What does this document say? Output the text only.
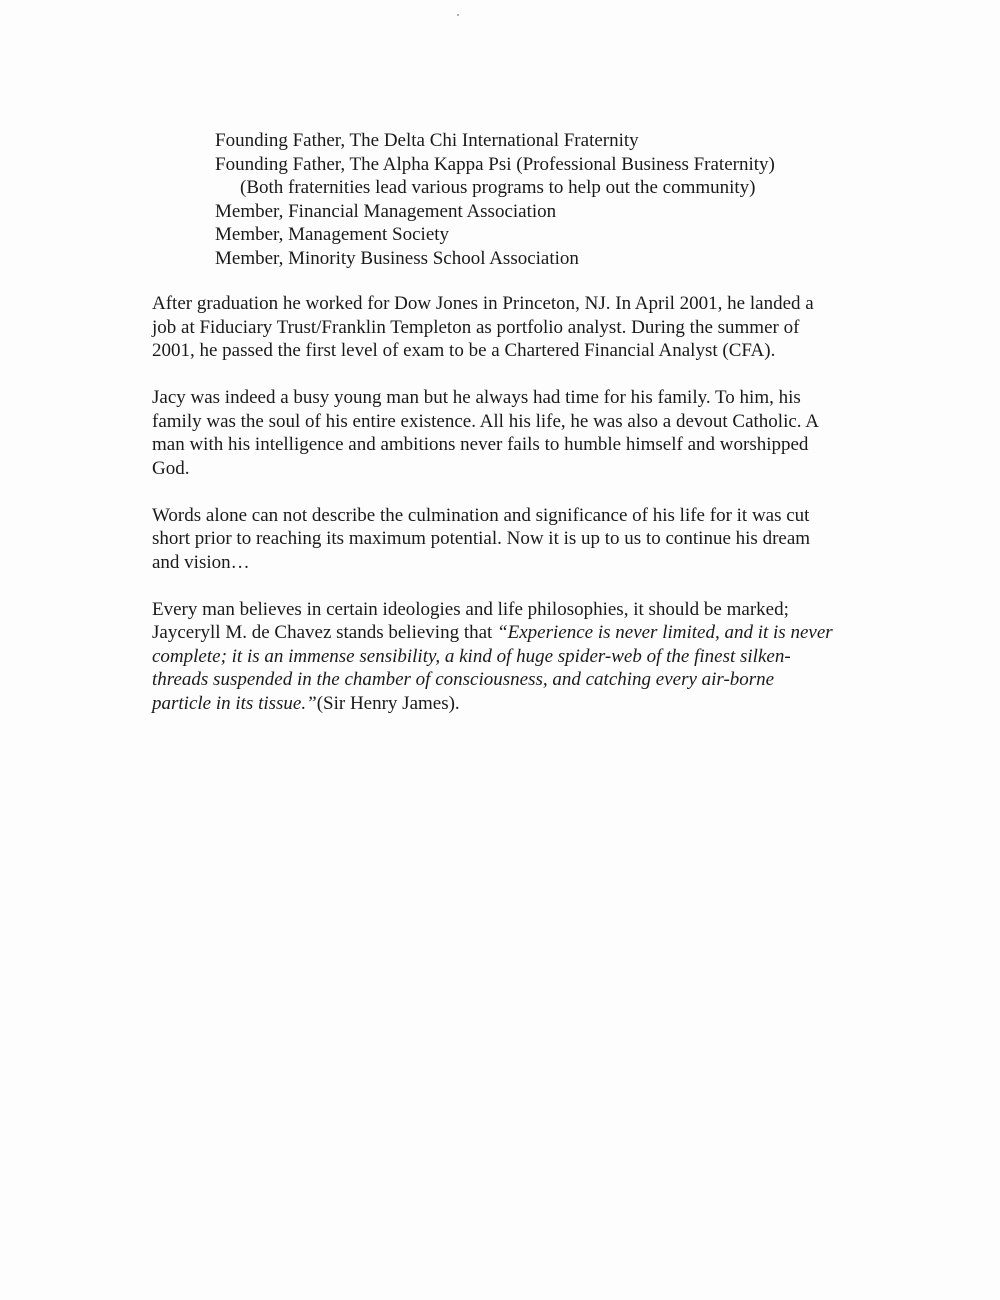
Founding Father, The Delta Chi International Fraternity
Founding Father, The Alpha Kappa Psi (Professional Business Fraternity)
(Both fraternities lead various programs to help out the community)
Member, Financial Management Association
Member, Management Society
Member, Minority Business School Association

After graduation he worked for Dow Jones in Princeton, NJ. In April 2001, he landed a
job at Fiduciary Trust/Franklin Templeton as portfolio analyst. During the summer of
2001, he passed the first level of exam to be a Chartered Financial Analyst (CFA).

Jacy was indeed a busy young man but he always had time for his family. To him, his
family was the soul of his entire existence. All his life, he was also a devout Catholic. A
man with his intelligence and ambitions never fails to humble himself and worshipped
God.

Words alone can not describe the culmination and significance of his life for it was cut
short prior to reaching its maximum potential. Now it is up to us to continue his dream
and vision…

Every man believes in certain ideologies and life philosophies, it should be marked;
Jayceryll M. de Chavez stands believing that “Experience is never limited, and it is never
complete; it is an immense sensibility, a kind of huge spider-web of the finest silken-
threads suspended in the chamber of consciousness, and catching every air-borne
particle in its tissue.”(Sir Henry James).
